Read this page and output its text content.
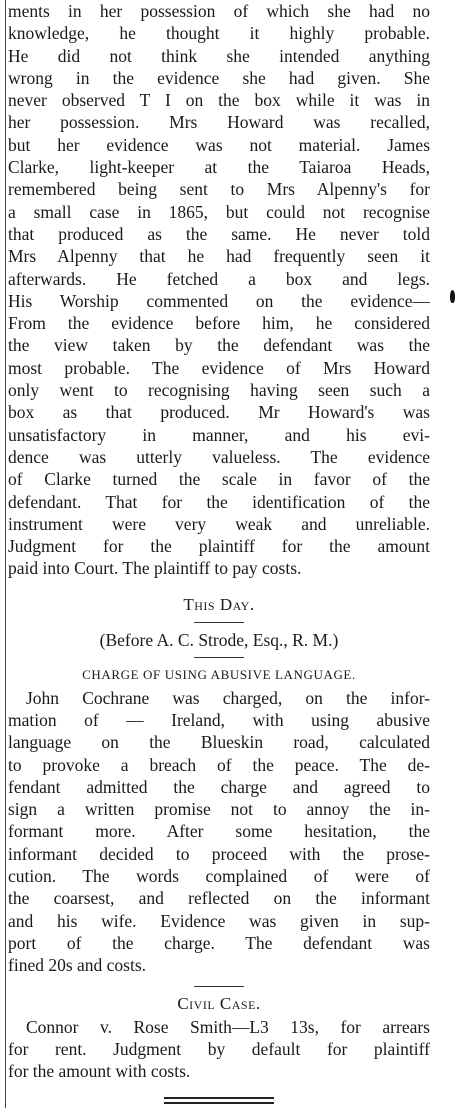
ments in her possession of which she had no
knowledge, he thought it highly probable.
He did not think she intended anything
wrong in the evidence she had given. She
never observed T I on the box while it was in
her possession. Mrs Howard was recalled,
but her evidence was not material. James
Clarke, light-keeper at the Taiaroa Heads,
remembered being sent to Mrs Alpenny's for
a small case in 1865, but could not recognise
that produced as the same. He never told
Mrs Alpenny that he had frequently seen it
afterwards. He fetched a box and legs.
His Worship commented on the evidence—
From the evidence before him, he considered
the view taken by the defendant was the
most probable. The evidence of Mrs Howard
only went to recognising having seen such a
box as that produced. Mr Howard's was
unsatisfactory in manner, and his evi-
dence was utterly valueless. The evidence
of Clarke turned the scale in favor of the
defendant. That for the identification of the
instrument were very weak and unreliable.
Judgment for the plaintiff for the amount
paid into Court. The plaintiff to pay costs.
This Day.
(Before A. C. Strode, Esq., R. M.)
CHARGE OF USING ABUSIVE LANGUAGE.
John Cochrane was charged, on the infor-
mation of — Ireland, with using abusive
language on the Blueskin road, calculated
to provoke a breach of the peace. The de-
fendant admitted the charge and agreed to
sign a written promise not to annoy the in-
formant more. After some hesitation, the
informant decided to proceed with the prose-
cution. The words complained of were of
the coarsest, and reflected on the informant
and his wife. Evidence was given in sup-
port of the charge. The defendant was
fined 20s and costs.
Civil Case.
Connor v. Rose Smith—L3 13s, for arrears
for rent. Judgment by default for plaintiff
for the amount with costs.
